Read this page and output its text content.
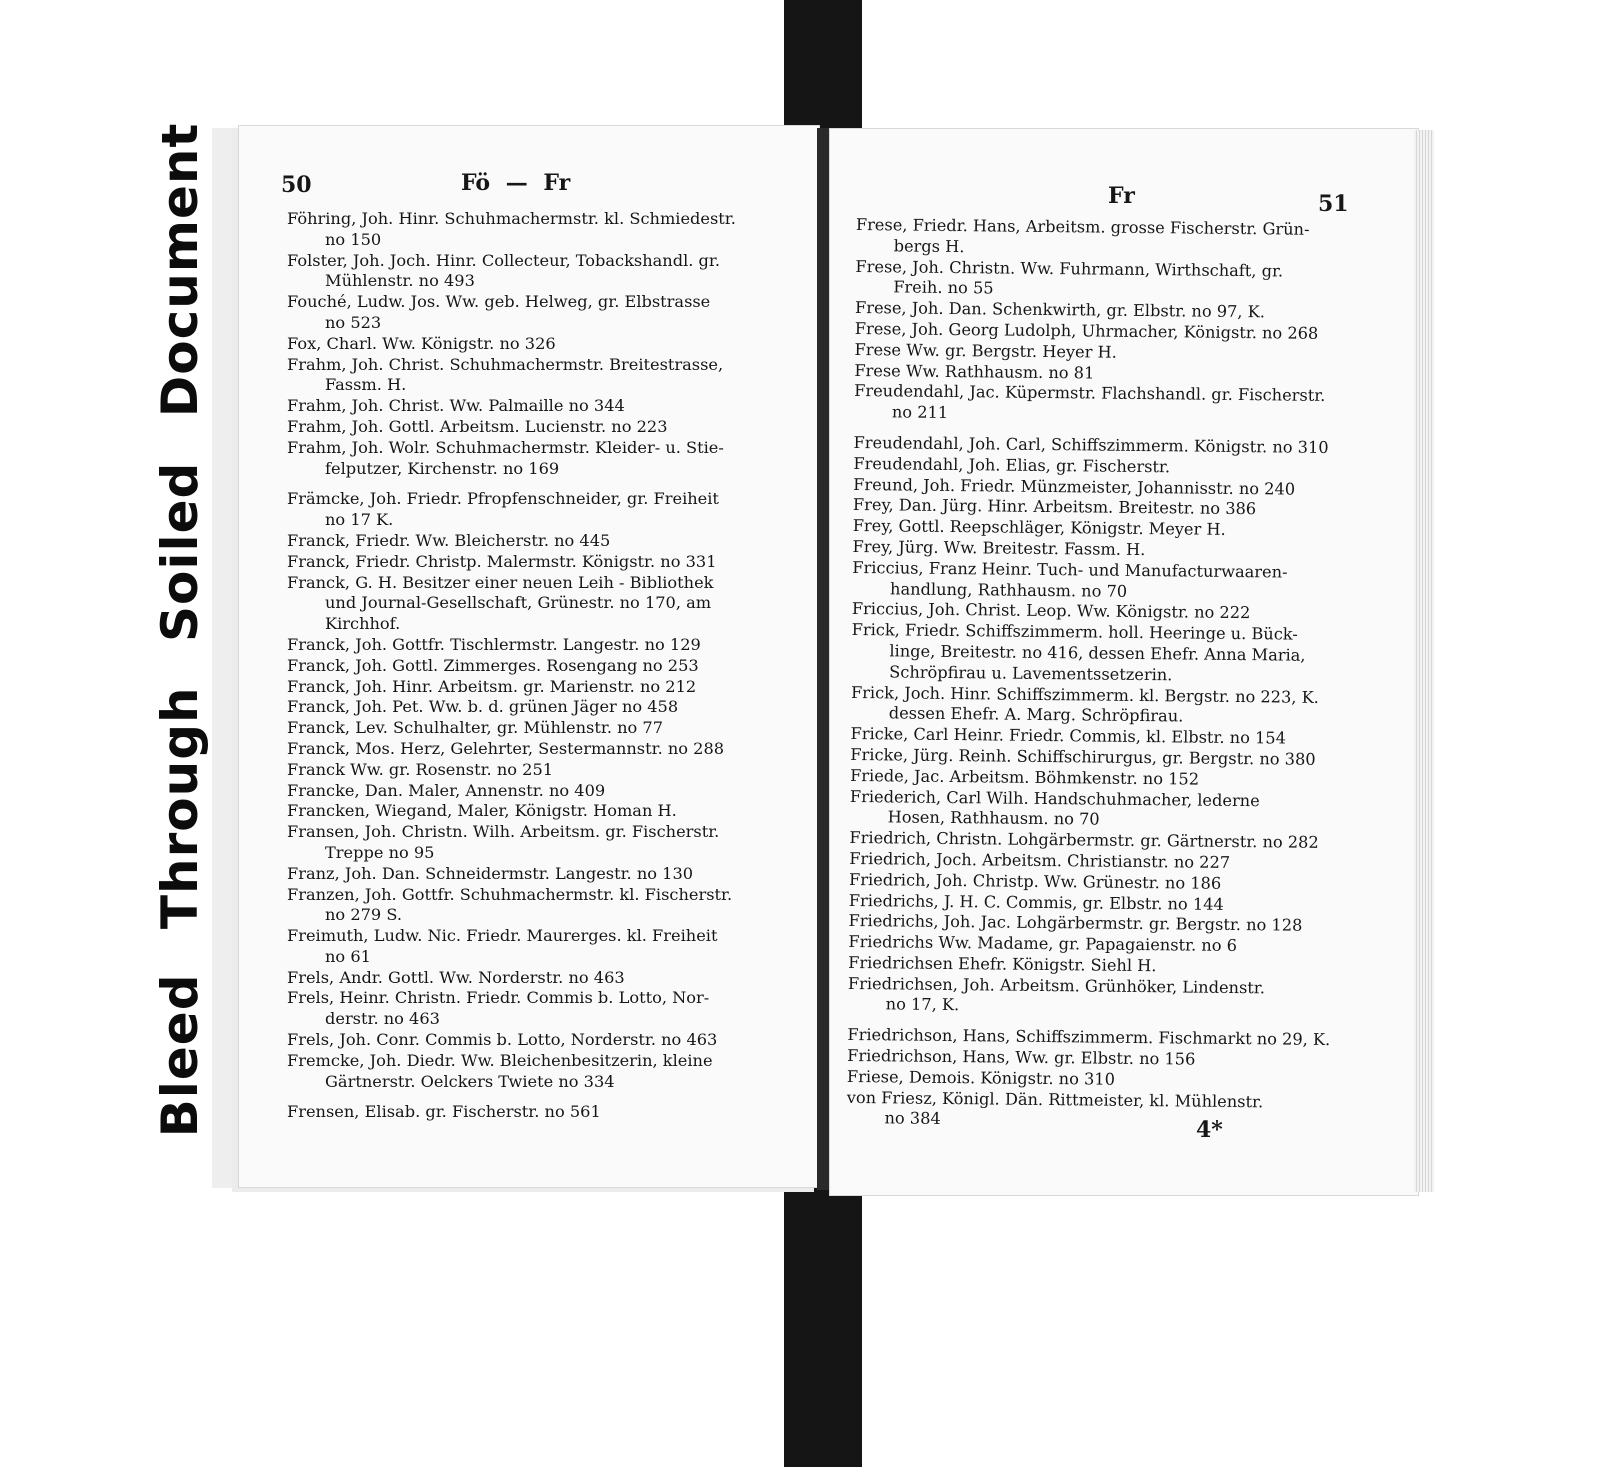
Bleed Through Soiled Document	50	Fö — Fr
Föhring, Joh. Hinr. Schuhmachermstr. kl. Schmiedestr.
no 150
Folster, Joh. Joch. Hinr. Collecteur, Tobackshandl. gr.
Mühlenstr. no 493
Fouché, Ludw. Jos. Ww. geb. Helweg, gr. Elbstrasse
no 523
Fox, Charl. Ww. Königstr. no 326
Frahm, Joh. Christ. Schuhmachermstr. Breitestrasse,
Fassm. H.
Frahm, Joh. Christ. Ww. Palmaille no 344
Frahm, Joh. Gottl. Arbeitsm. Lucienstr. no 223
Frahm, Joh. Wolr. Schuhmachermstr. Kleider- u. Stie-
felputzer, Kirchenstr. no 169
Främcke, Joh. Friedr. Pfropfenschneider, gr. Freiheit
no 17 K.
Franck, Friedr. Ww. Bleicherstr. no 445
Franck, Friedr. Christp. Malermstr. Königstr. no 331
Franck, G. H. Besitzer einer neuen Leih - Bibliothek
und Journal-Gesellschaft, Grünestr. no 170, am
Kirchhof.
Franck, Joh. Gottfr. Tischlermstr. Langestr. no 129
Franck, Joh. Gottl. Zimmerges. Rosengang no 253
Franck, Joh. Hinr. Arbeitsm. gr. Marienstr. no 212
Franck, Joh. Pet. Ww. b. d. grünen Jäger no 458
Franck, Lev. Schulhalter, gr. Mühlenstr. no 77
Franck, Mos. Herz, Gelehrter, Sestermannstr. no 288
Franck Ww. gr. Rosenstr. no 251
Francke, Dan. Maler, Annenstr. no 409
Francken, Wiegand, Maler, Königstr. Homan H.
Fransen, Joh. Christn. Wilh. Arbeitsm. gr. Fischerstr.
Treppe no 95
Franz, Joh. Dan. Schneidermstr. Langestr. no 130
Franzen, Joh. Gottfr. Schuhmachermstr. kl. Fischerstr.
no 279 S.
Freimuth, Ludw. Nic. Friedr. Maurerges. kl. Freiheit
no 61
Frels, Andr. Gottl. Ww. Norderstr. no 463
Frels, Heinr. Christn. Friedr. Commis b. Lotto, Nor-
derstr. no 463
Frels, Joh. Conr. Commis b. Lotto, Norderstr. no 463
Fremcke, Joh. Diedr. Ww. Bleichenbesitzerin, kleine
Gärtnerstr. Oelckers Twiete no 334
Frensen, Elisab. gr. Fischerstr. no 561
Fr	51
Frese, Friedr. Hans, Arbeitsm. grosse Fischerstr. Grün-
bergs H.
Frese, Joh. Christn. Ww. Fuhrmann, Wirthschaft, gr.
Freih. no 55
Frese, Joh. Dan. Schenkwirth, gr. Elbstr. no 97, K.
Frese, Joh. Georg Ludolph, Uhrmacher, Königstr. no 268
Frese Ww. gr. Bergstr. Heyer H.
Frese Ww. Rathhausm. no 81
Freudendahl, Jac. Küpermstr. Flachshandl. gr. Fischerstr.
no 211
Freudendahl, Joh. Carl, Schiffszimmerm. Königstr. no 310
Freudendahl, Joh. Elias, gr. Fischerstr.
Freund, Joh. Friedr. Münzmeister, Johannisstr. no 240
Frey, Dan. Jürg. Hinr. Arbeitsm. Breitestr. no 386
Frey, Gottl. Reepschläger, Königstr. Meyer H.
Frey, Jürg. Ww. Breitestr. Fassm. H.
Friccius, Franz Heinr. Tuch- und Manufacturwaaren-
handlung, Rathhausm. no 70
Friccius, Joh. Christ. Leop. Ww. Königstr. no 222
Frick, Friedr. Schiffszimmerm. holl. Heeringe u. Bück-
linge, Breitestr. no 416, dessen Ehefr. Anna Maria,
Schröpfirau u. Lavementssetzerin.
Frick, Joch. Hinr. Schiffszimmerm. kl. Bergstr. no 223, K.
dessen Ehefr. A. Marg. Schröpfirau.
Fricke, Carl Heinr. Friedr. Commis, kl. Elbstr. no 154
Fricke, Jürg. Reinh. Schiffschirurgus, gr. Bergstr. no 380
Friede, Jac. Arbeitsm. Böhmkenstr. no 152
Friederich, Carl Wilh. Handschuhmacher, lederne
Hosen, Rathhausm. no 70
Friedrich, Christn. Lohgärbermstr. gr. Gärtnerstr. no 282
Friedrich, Joch. Arbeitsm. Christianstr. no 227
Friedrich, Joh. Christp. Ww. Grünestr. no 186
Friedrichs, J. H. C. Commis, gr. Elbstr. no 144
Friedrichs, Joh. Jac. Lohgärbermstr. gr. Bergstr. no 128
Friedrichs Ww. Madame, gr. Papagaienstr. no 6
Friedrichsen Ehefr. Königstr. Siehl H.
Friedrichsen, Joh. Arbeitsm. Grünhöker, Lindenstr.
no 17, K.
Friedrichson, Hans, Schiffszimmerm. Fischmarkt no 29, K.
Friedrichson, Hans, Ww. gr. Elbstr. no 156
Friese, Demois. Königstr. no 310
von Friesz, Königl. Dän. Rittmeister, kl. Mühlenstr.
no 384	4*
